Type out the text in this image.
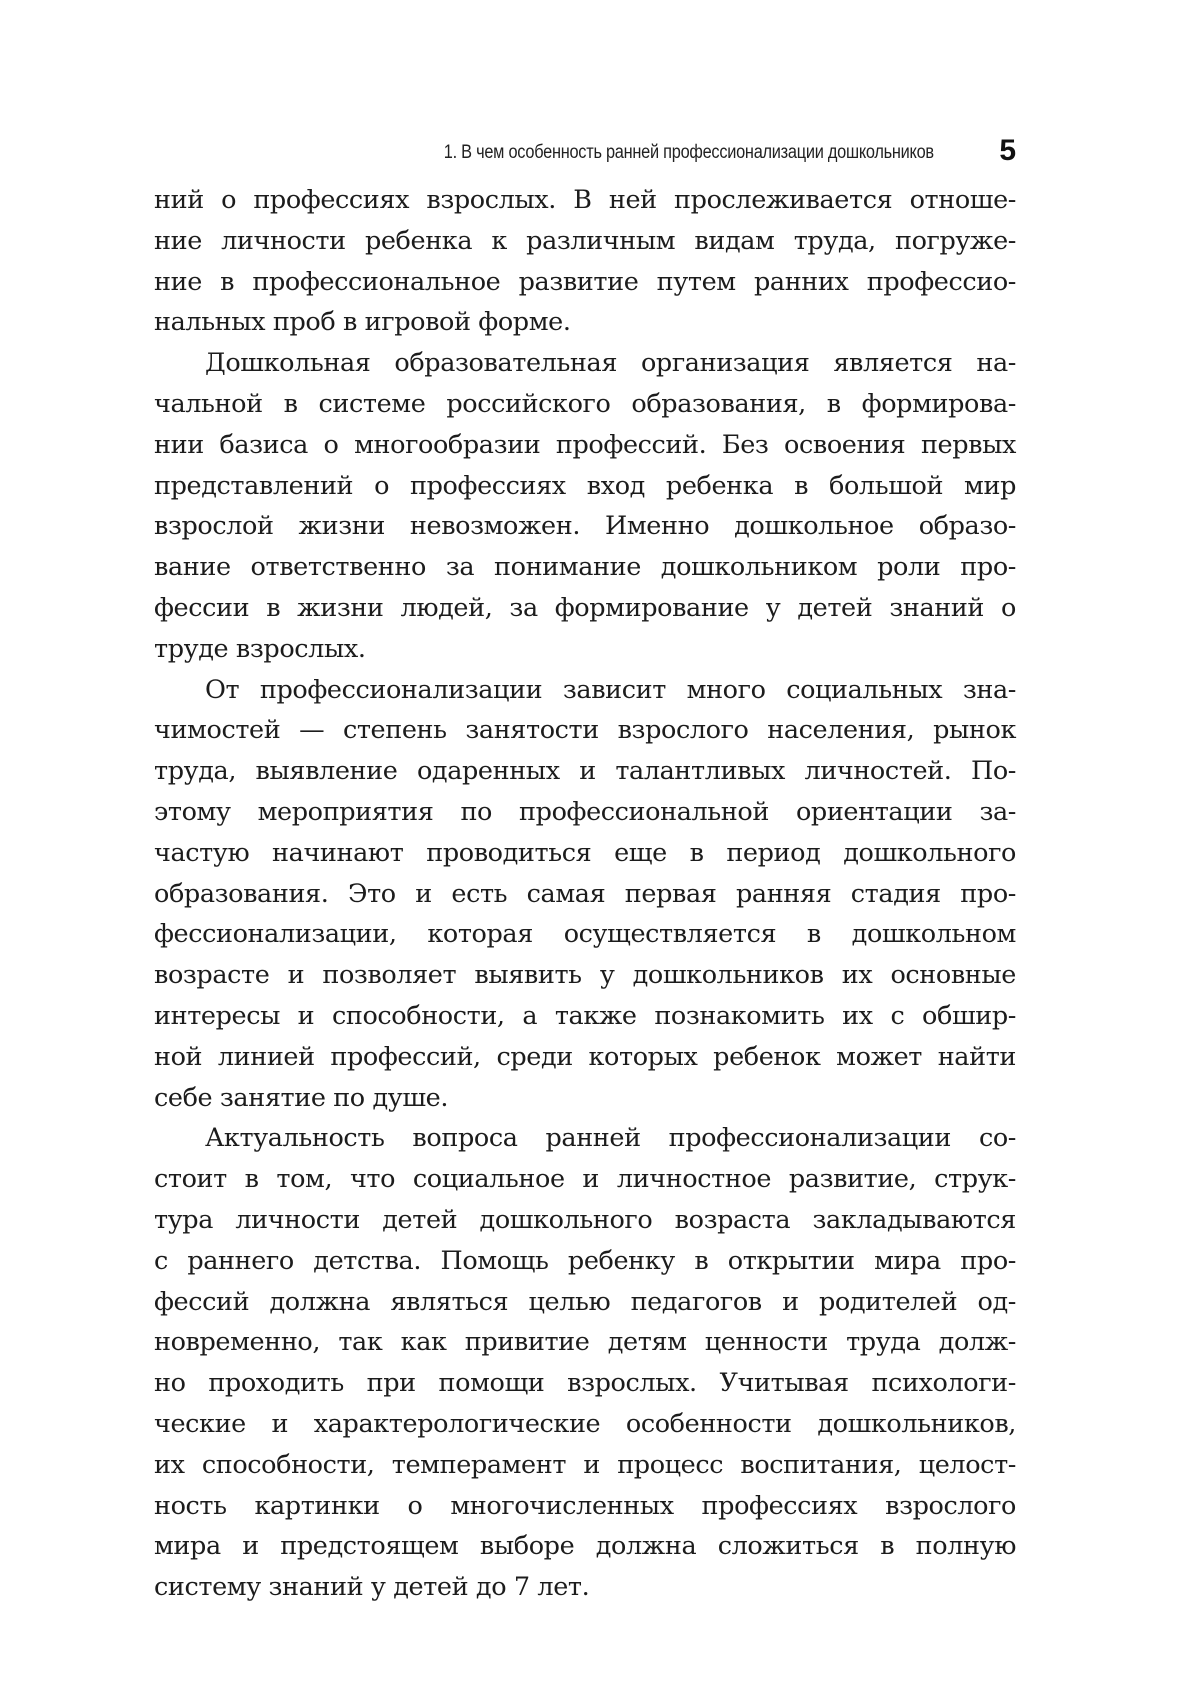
1. В чем особенность ранней профессионализации дошкольников 5
ний о профессиях взрослых. В ней прослеживается отноше-
ние личности ребенка к различным видам труда, погруже-
ние в профессиональное развитие путем ранних профессио-
нальных проб в игровой форме.
Дошкольная образовательная организация является на-
чальной в системе российского образования, в формирова-
нии базиса о многообразии профессий. Без освоения первых
представлений о профессиях вход ребенка в большой мир
взрослой жизни невозможен. Именно дошкольное образо-
вание ответственно за понимание дошкольником роли про-
фессии в жизни людей, за формирование у детей знаний о
труде взрослых.
От профессионализации зависит много социальных зна-
чимостей — степень занятости взрослого населения, рынок
труда, выявление одаренных и талантливых личностей. По-
этому мероприятия по профессиональной ориентации за-
частую начинают проводиться еще в период дошкольного
образования. Это и есть самая первая ранняя стадия про-
фессионализации, которая осуществляется в дошкольном
возрасте и позволяет выявить у дошкольников их основные
интересы и способности, а также познакомить их с обшир-
ной линией профессий, среди которых ребенок может найти
себе занятие по душе.
Актуальность вопроса ранней профессионализации со-
стоит в том, что социальное и личностное развитие, струк-
тура личности детей дошкольного возраста закладываются
с раннего детства. Помощь ребенку в открытии мира про-
фессий должна являться целью педагогов и родителей од-
новременно, так как привитие детям ценности труда долж-
но проходить при помощи взрослых. Учитывая психологи-
ческие и характерологические особенности дошкольников,
их способности, темперамент и процесс воспитания, целост-
ность картинки о многочисленных профессиях взрослого
мира и предстоящем выборе должна сложиться в полную
систему знаний у детей до 7 лет.
